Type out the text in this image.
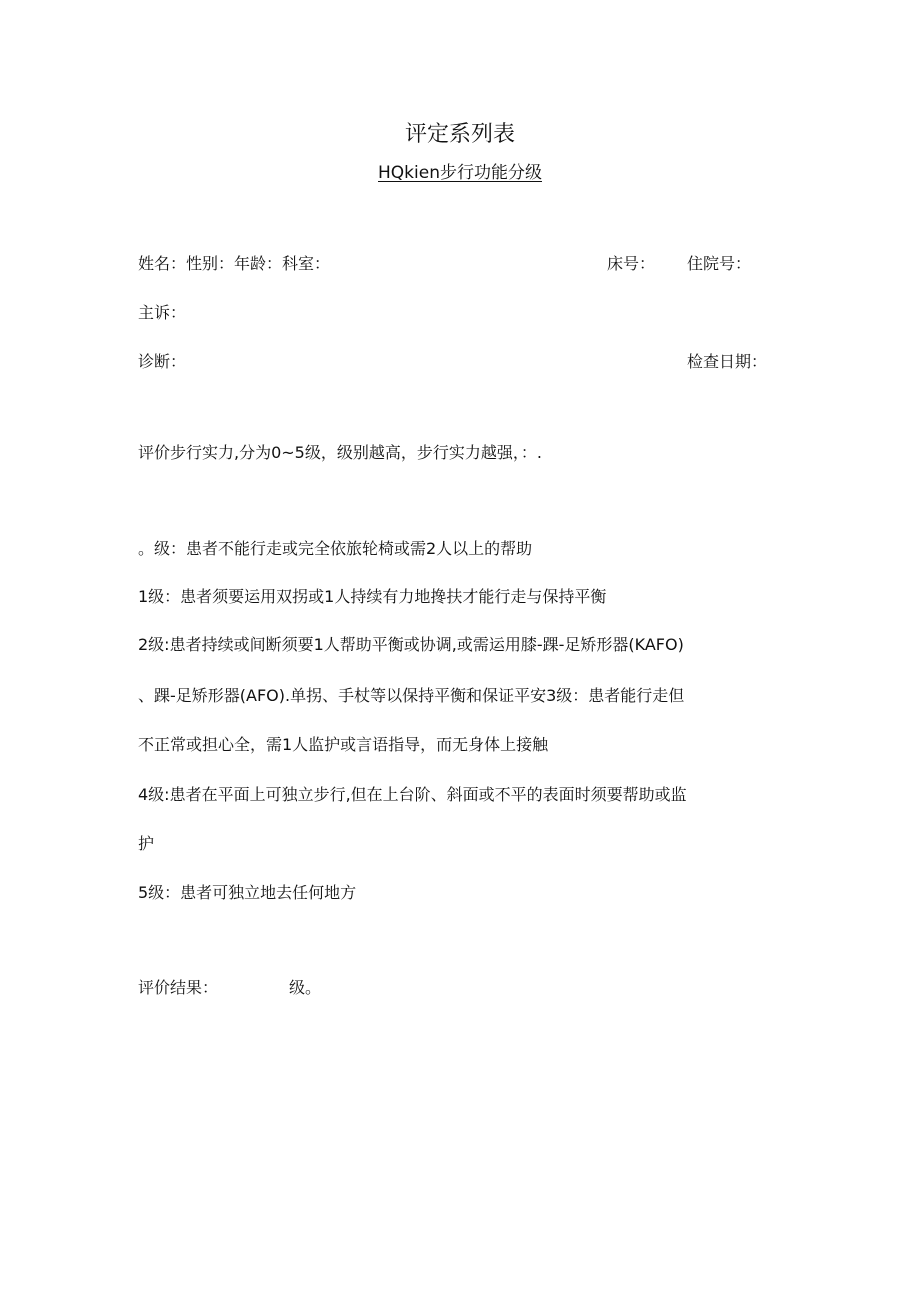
评定系列表
HQkien步行功能分级
姓名：性别：年龄：科室：	床号： 住院号：
主诉：
诊断：	检查日期：
评价步行实力,分为0~5级，级别越高，步行实力越强，：.
。级：患者不能行走或完全依旅轮椅或需2人以上的帮助
1级：患者须要运用双拐或1人持续有力地搀扶才能行走与保持平衡
2级:患者持续或间断须要1人帮助平衡或协调,或需运用膝-踝-足矫形器(KAFO)
、踝-足矫形器(AFO).单拐、手杖等以保持平衡和保证平安3级：患者能行走但
不正常或担心全，需1人监护或言语指导，而无身体上接触
4级:患者在平面上可独立步行,但在上台阶、斜面或不平的表面时须要帮助或监
护
5级：患者可独立地去任何地方
评价结果：	级。
